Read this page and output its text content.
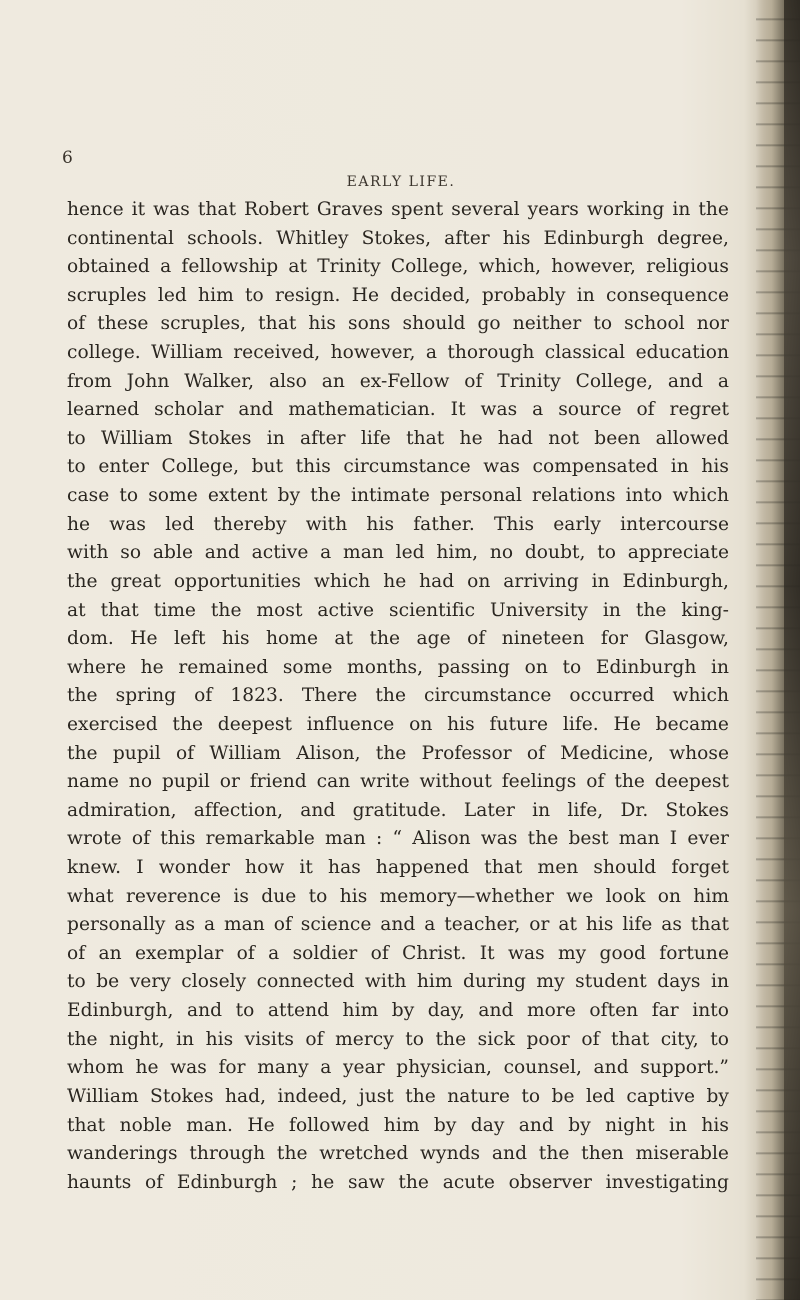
6
EARLY LIFE.
hence it was that Robert Graves spent several years working in the
continental schools. Whitley Stokes, after his Edinburgh degree,
obtained a fellowship at Trinity College, which, however, religious
scruples led him to resign. He decided, probably in consequence
of these scruples, that his sons should go neither to school nor
college. William received, however, a thorough classical education
from John Walker, also an ex-Fellow of Trinity College, and a
learned scholar and mathematician. It was a source of regret
to William Stokes in after life that he had not been allowed
to enter College, but this circumstance was compensated in his
case to some extent by the intimate personal relations into which
he was led thereby with his father. This early intercourse
with so able and active a man led him, no doubt, to appreciate
the great opportunities which he had on arriving in Edinburgh,
at that time the most active scientific University in the king-
dom. He left his home at the age of nineteen for Glasgow,
where he remained some months, passing on to Edinburgh in
the spring of 1823. There the circumstance occurred which
exercised the deepest influence on his future life. He became
the pupil of William Alison, the Professor of Medicine, whose
name no pupil or friend can write without feelings of the deepest
admiration, affection, and gratitude. Later in life, Dr. Stokes
wrote of this remarkable man : “ Alison was the best man I ever
knew. I wonder how it has happened that men should forget
what reverence is due to his memory—whether we look on him
personally as a man of science and a teacher, or at his life as that
of an exemplar of a soldier of Christ. It was my good fortune
to be very closely connected with him during my student days in
Edinburgh, and to attend him by day, and more often far into
the night, in his visits of mercy to the sick poor of that city, to
whom he was for many a year physician, counsel, and support.”
William Stokes had, indeed, just the nature to be led captive by
that noble man. He followed him by day and by night in his
wanderings through the wretched wynds and the then miserable
haunts of Edinburgh ; he saw the acute observer investigating
